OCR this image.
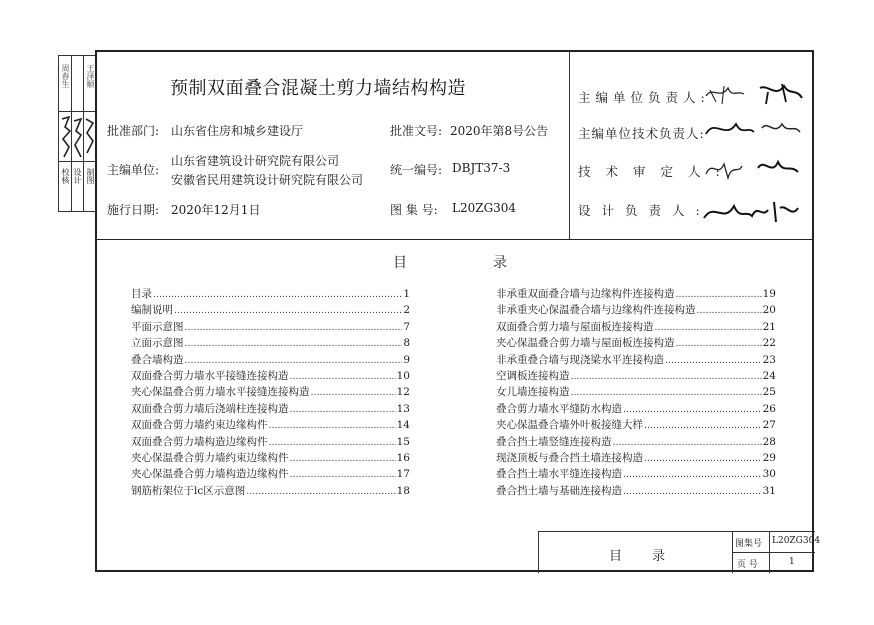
周春生 王泽顺
校核 设计 制图
预制双面叠合混凝土剪力墙结构构造
批准部门: 山东省住房和城乡建设厅	批准文号: 2020年第8号公告
主编单位:
山东省建筑设计研究院有限公司
安徽省民用建筑设计研究院有限公司
统一编号: DBJT37-3
施行日期: 2020年12月1日	图 集 号: L20ZG304
主编单位负责人:
主编单位技术负责人:
技术审定人:
设计负责人:
目	录
目录 …………………………………………………………………………………………………………………………………	1
编制说明 …………………………………………………………………………………………………………………………………	2
平面示意图 …………………………………………………………………………………………………………………………………	7
立面示意图 …………………………………………………………………………………………………………………………………	8
叠合墙构造 …………………………………………………………………………………………………………………………………	9
双面叠合剪力墙水平接缝连接构造 …………………………………………………………………………………………………………………………………	10
夹心保温叠合剪力墙水平接缝连接构造 …………………………………………………………………………………………………………………………………	12
双面叠合剪力墙后浇端柱连接构造 …………………………………………………………………………………………………………………………………	13
双面叠合剪力墙约束边缘构件 …………………………………………………………………………………………………………………………………	14
双面叠合剪力墙构造边缘构件 …………………………………………………………………………………………………………………………………	15
夹心保温叠合剪力墙约束边缘构件 …………………………………………………………………………………………………………………………………	16
夹心保温叠合剪力墙构造边缘构件 …………………………………………………………………………………………………………………………………	17
钢筋桁架位于lc区示意图 …………………………………………………………………………………………………………………………………	18
非承重双面叠合墙与边缘构件连接构造 …………………………………………………………………………………………………………………………………	19
非承重夹心保温叠合墙与边缘构件连接构造 …………………………………………………………………………………………………………………………………	20
双面叠合剪力墙与屋面板连接构造 …………………………………………………………………………………………………………………………………	21
夹心保温叠合剪力墙与屋面板连接构造 …………………………………………………………………………………………………………………………………	22
非承重叠合墙与现浇梁水平连接构造 …………………………………………………………………………………………………………………………………	23
空调板连接构造 …………………………………………………………………………………………………………………………………	24
女儿墙连接构造 …………………………………………………………………………………………………………………………………	25
叠合剪力墙水平缝防水构造 …………………………………………………………………………………………………………………………………	26
夹心保温叠合墙外叶板接缝大样 …………………………………………………………………………………………………………………………………	27
叠合挡土墙竖缝连接构造 …………………………………………………………………………………………………………………………………	28
现浇顶板与叠合挡土墙连接构造 …………………………………………………………………………………………………………………………………	29
叠合挡土墙水平缝连接构造 …………………………………………………………………………………………………………………………………	30
叠合挡土墙与基础连接构造 …………………………………………………………………………………………………………………………………	31
目 录
图集号 L20ZG304
页 号	1
